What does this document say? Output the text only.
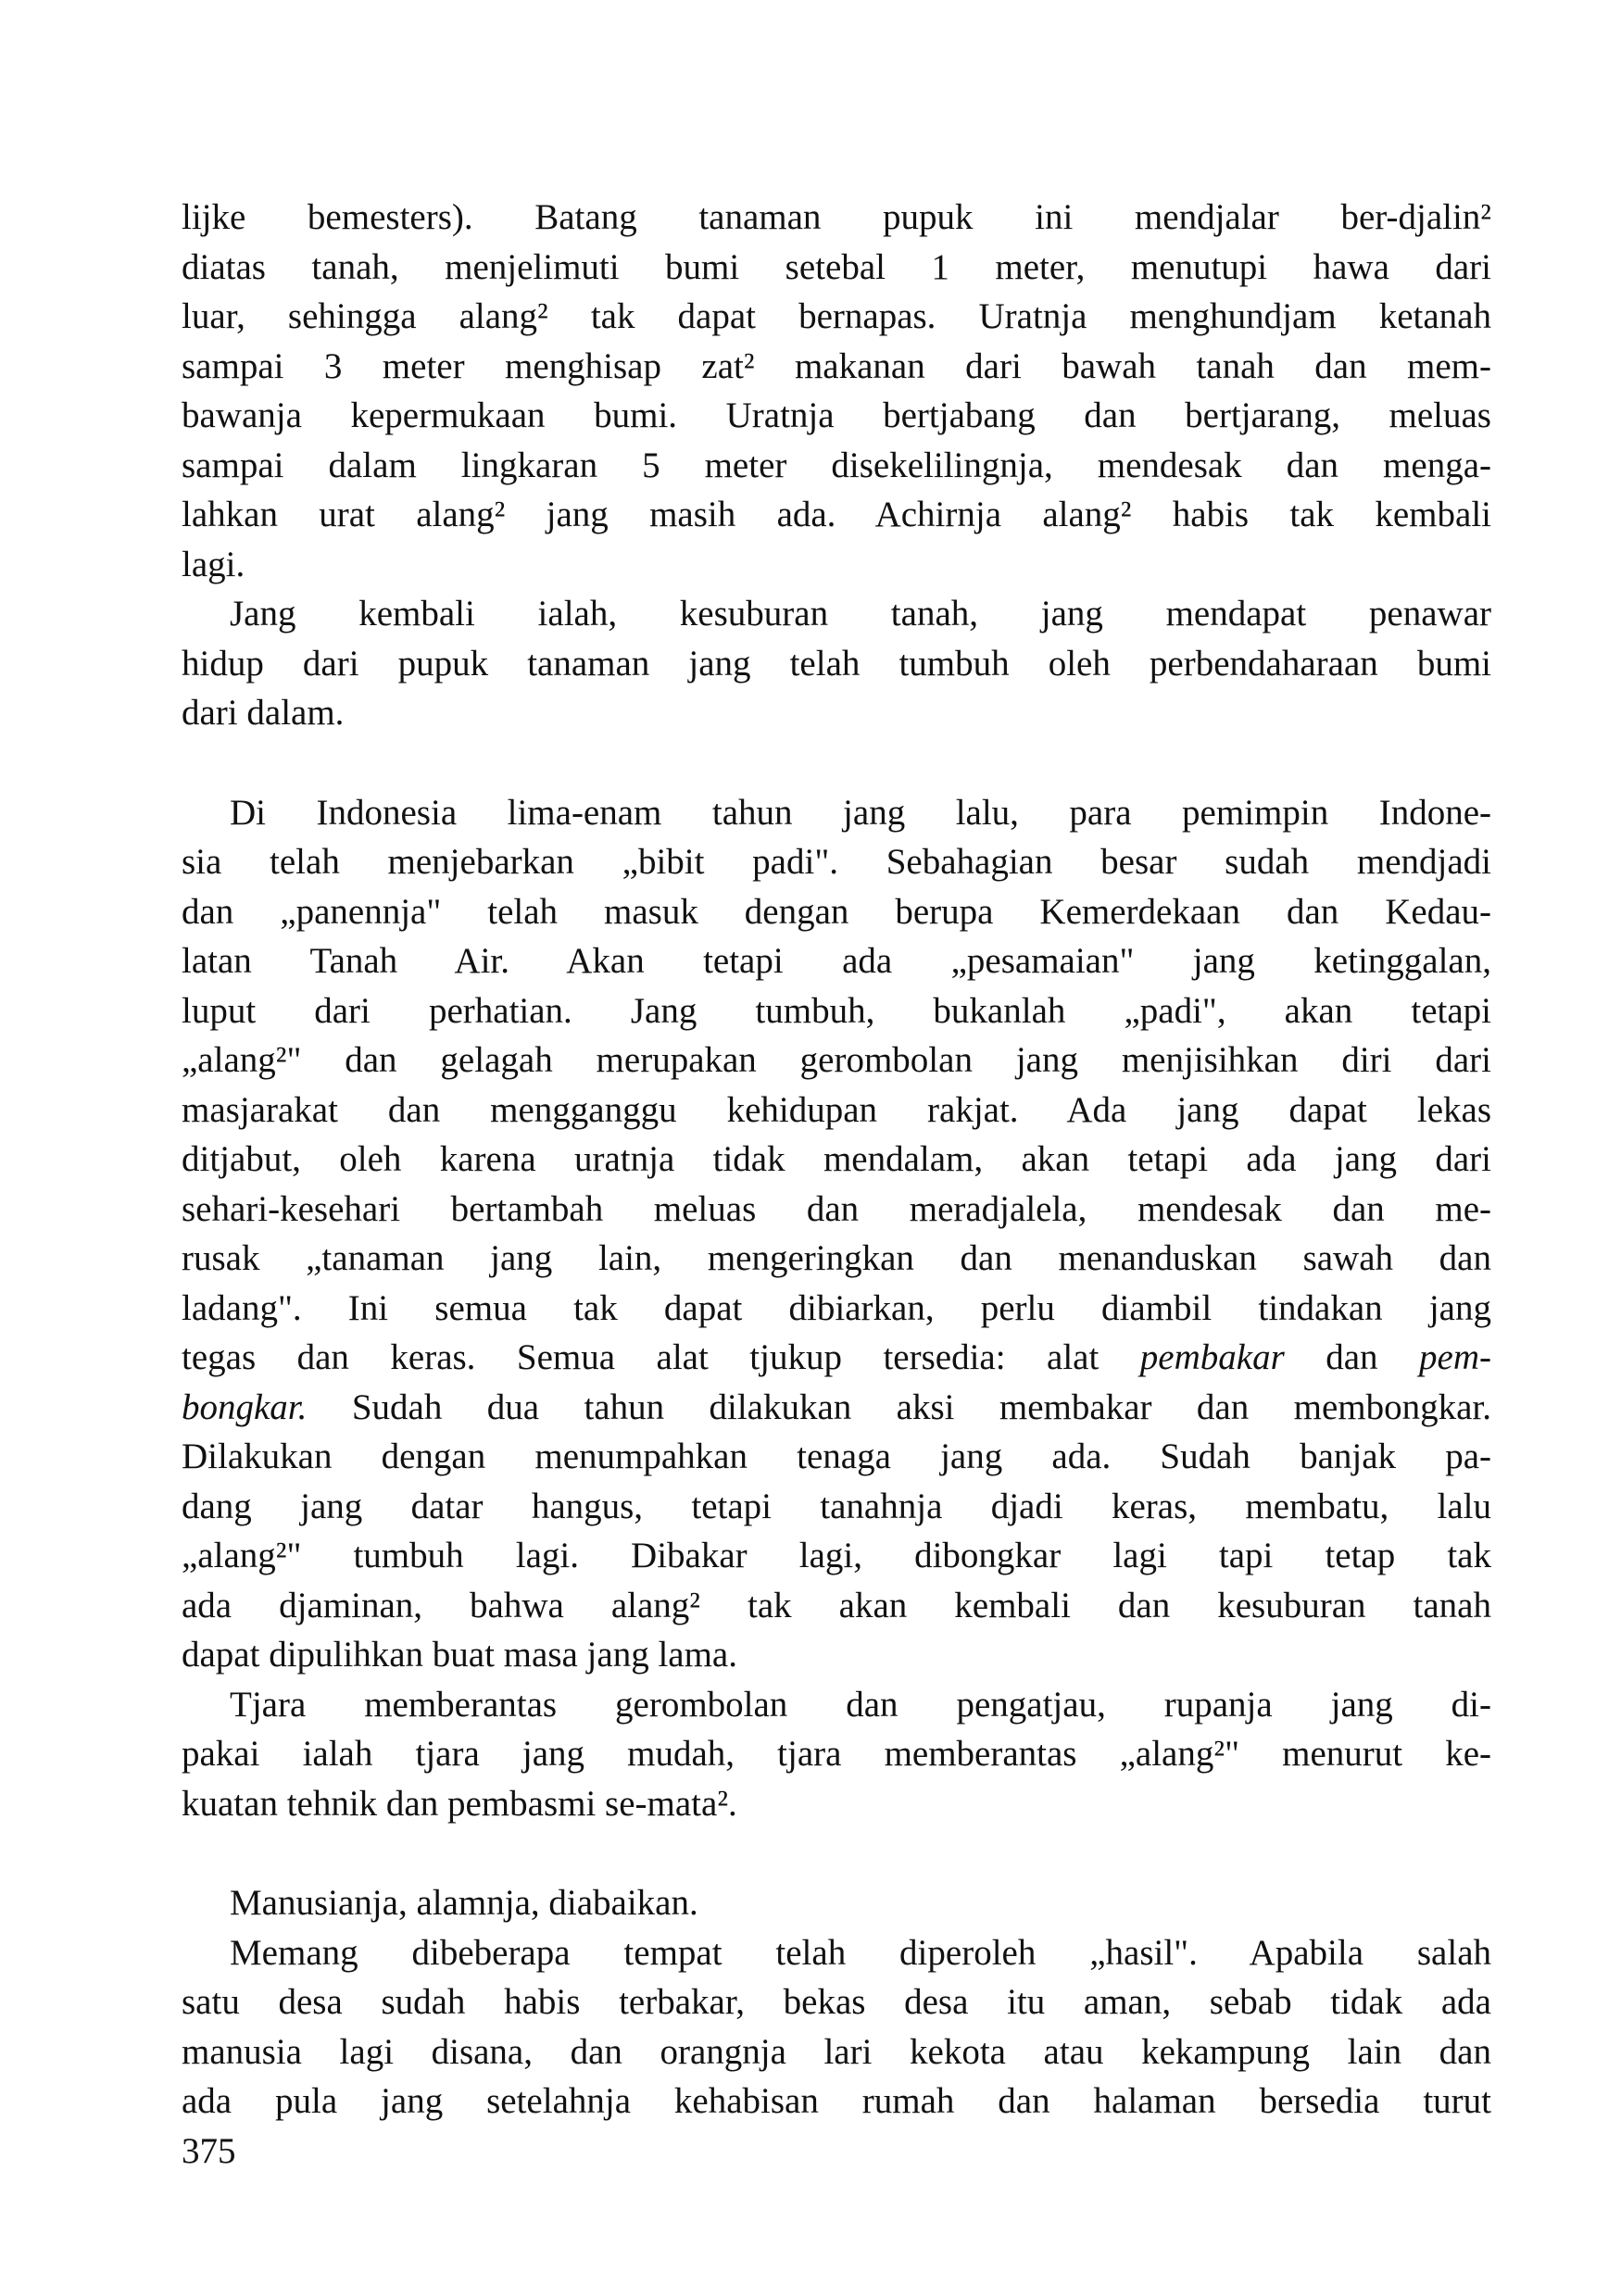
lijke bemesters). Batang tanaman pupuk ini mendjalar ber-djalin²
diatas tanah, menjelimuti bumi setebal 1 meter, menutupi hawa dari
luar, sehingga alang² tak dapat bernapas. Uratnja menghundjam ketanah
sampai 3 meter menghisap zat² makanan dari bawah tanah dan mem-
bawanja kepermukaan bumi. Uratnja bertjabang dan bertjarang, meluas
sampai dalam lingkaran 5 meter disekelilingnja, mendesak dan menga-
lahkan urat alang² jang masih ada. Achirnja alang² habis tak kembali
lagi.
Jang kembali ialah, kesuburan tanah, jang mendapat penawar
hidup dari pupuk tanaman jang telah tumbuh oleh perbendaharaan bumi
dari dalam.
Di Indonesia lima-enam tahun jang lalu, para pemimpin Indone-
sia telah menjebarkan „bibit padi". Sebahagian besar sudah mendjadi
dan „panennja" telah masuk dengan berupa Kemerdekaan dan Kedau-
latan Tanah Air. Akan tetapi ada „pesamaian" jang ketinggalan,
luput dari perhatian. Jang tumbuh, bukanlah „padi", akan tetapi
„alang²" dan gelagah merupakan gerombolan jang menjisihkan diri dari
masjarakat dan mengganggu kehidupan rakjat. Ada jang dapat lekas
ditjabut, oleh karena uratnja tidak mendalam, akan tetapi ada jang dari
sehari-kesehari bertambah meluas dan meradjalela, mendesak dan me-
rusak „tanaman jang lain, mengeringkan dan menanduskan sawah dan
ladang". Ini semua tak dapat dibiarkan, perlu diambil tindakan jang
tegas dan keras. Semua alat tjukup tersedia: alat pembakar dan pem-
bongkar. Sudah dua tahun dilakukan aksi membakar dan membongkar.
Dilakukan dengan menumpahkan tenaga jang ada. Sudah banjak pa-
dang jang datar hangus, tetapi tanahnja djadi keras, membatu, lalu
„alang²" tumbuh lagi. Dibakar lagi, dibongkar lagi tapi tetap tak
ada djaminan, bahwa alang² tak akan kembali dan kesuburan tanah
dapat dipulihkan buat masa jang lama.
Tjara memberantas gerombolan dan pengatjau, rupanja jang di-
pakai ialah tjara jang mudah, tjara memberantas „alang²" menurut ke-
kuatan tehnik dan pembasmi se-mata².
Manusianja, alamnja, diabaikan.
Memang dibeberapa tempat telah diperoleh „hasil". Apabila salah
satu desa sudah habis terbakar, bekas desa itu aman, sebab tidak ada
manusia lagi disana, dan orangnja lari kekota atau kekampung lain dan
ada pula jang setelahnja kehabisan rumah dan halaman bersedia turut
375
